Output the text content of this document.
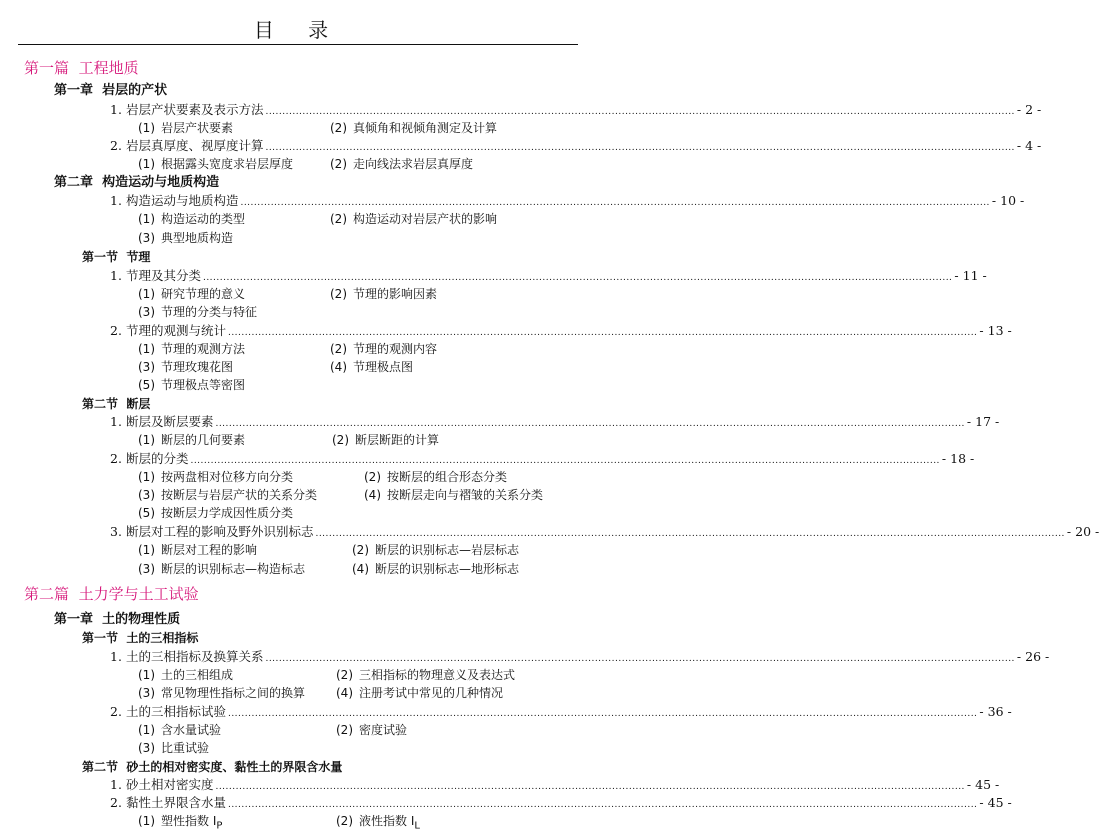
目 录
第一篇 工程地质
第一章 岩层的产状
1. 岩层产状要素及表示方法 ............................................................................................................................................................................................................................... - 2 -
(1) 岩层产状要素	(2) 真倾角和视倾角测定及计算
2. 岩层真厚度、视厚度计算 ............................................................................................................................................................................................................................... - 4 -
(1) 根据露头宽度求岩层厚度	(2) 走向线法求岩层真厚度
第二章 构造运动与地质构造
1. 构造运动与地质构造 ............................................................................................................................................................................................................................... - 10 -
(1) 构造运动的类型	(2) 构造运动对岩层产状的影响
(3) 典型地质构造
第一节 节理
1. 节理及其分类 ............................................................................................................................................................................................................................... - 11 -
(1) 研究节理的意义	(2) 节理的影响因素
(3) 节理的分类与特征
2. 节理的观测与统计 ............................................................................................................................................................................................................................... - 13 -
(1) 节理的观测方法	(2) 节理的观测内容
(3) 节理玫瑰花图	(4) 节理极点图
(5) 节理极点等密图
第二节 断层
1. 断层及断层要素 ............................................................................................................................................................................................................................... - 17 -
(1) 断层的几何要素	(2) 断层断距的计算
2. 断层的分类 ............................................................................................................................................................................................................................... - 18 -
(1) 按两盘相对位移方向分类	(2) 按断层的组合形态分类
(3) 按断层与岩层产状的关系分类	(4) 按断层走向与褶皱的关系分类
(5) 按断层力学成因性质分类
3. 断层对工程的影响及野外识别标志 ............................................................................................................................................................................................................................... - 20 -
(1) 断层对工程的影响	(2) 断层的识别标志—岩层标志
(3) 断层的识别标志—构造标志	(4) 断层的识别标志—地形标志
第二篇 土力学与土工试验
第一章 土的物理性质
第一节 土的三相指标
1. 土的三相指标及换算关系 ............................................................................................................................................................................................................................... - 26 -
(1) 土的三相组成	(2) 三相指标的物理意义及表达式
(3) 常见物理性指标之间的换算	(4) 注册考试中常见的几种情况
2. 土的三相指标试验 ............................................................................................................................................................................................................................... - 36 -
(1) 含水量试验	(2) 密度试验
(3) 比重试验
第二节 砂土的相对密实度、黏性土的界限含水量
1. 砂土相对密实度 ............................................................................................................................................................................................................................... - 45 -
2. 黏性土界限含水量 ............................................................................................................................................................................................................................... - 45 -
(1) 塑性指数 $I_P$	(2) 液性指数 $I_L$
